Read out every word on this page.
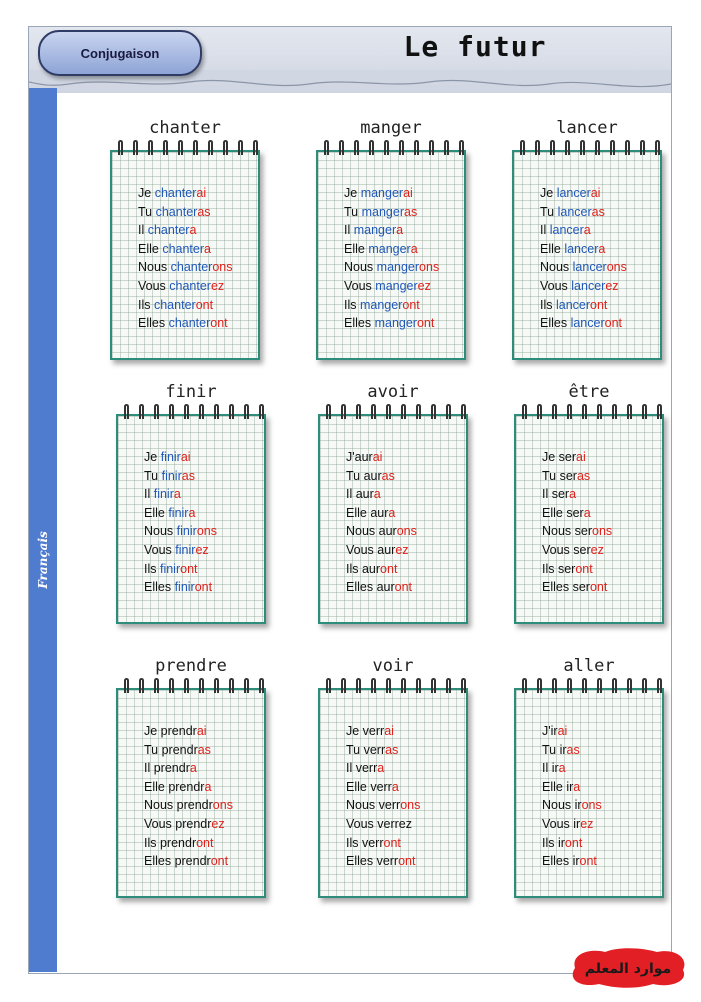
Conjugaison	Le futur
Français
chanter
Je chanterai
Tu chanteras
Il chantera
Elle chantera
Nous chanterons
Vous chanterez
Ils chanteront
Elles chanteront
manger
Je mangerai
Tu mangeras
Il mangera
Elle mangera
Nous mangerons
Vous mangerez
Ils mangeront
Elles mangeront
lancer
Je lancerai
Tu lanceras
Il lancera
Elle lancera
Nous lancerons
Vous lancerez
Ils lanceront
Elles lanceront
finir
Je finirai
Tu finiras
Il finira
Elle finira
Nous finirons
Vous finirez
Ils finiront
Elles finiront
avoir
J'aurai
Tu auras
Il aura
Elle aura
Nous aurons
Vous aurez
Ils auront
Elles auront
être
Je serai
Tu seras
Il sera
Elle sera
Nous serons
Vous serez
Ils seront
Elles seront
prendre
Je prendrai
Tu prendras
Il prendra
Elle prendra
Nous prendrons
Vous prendrez
Ils prendront
Elles prendront
voir
Je verrai
Tu verras
Il verra
Elle verra
Nous verrons
Vous verrez
Ils verront
Elles verront
aller
J'irai
Tu iras
Il ira
Elle ira
Nous irons
Vous irez
Ils iront
Elles iront
موارد المعلم
